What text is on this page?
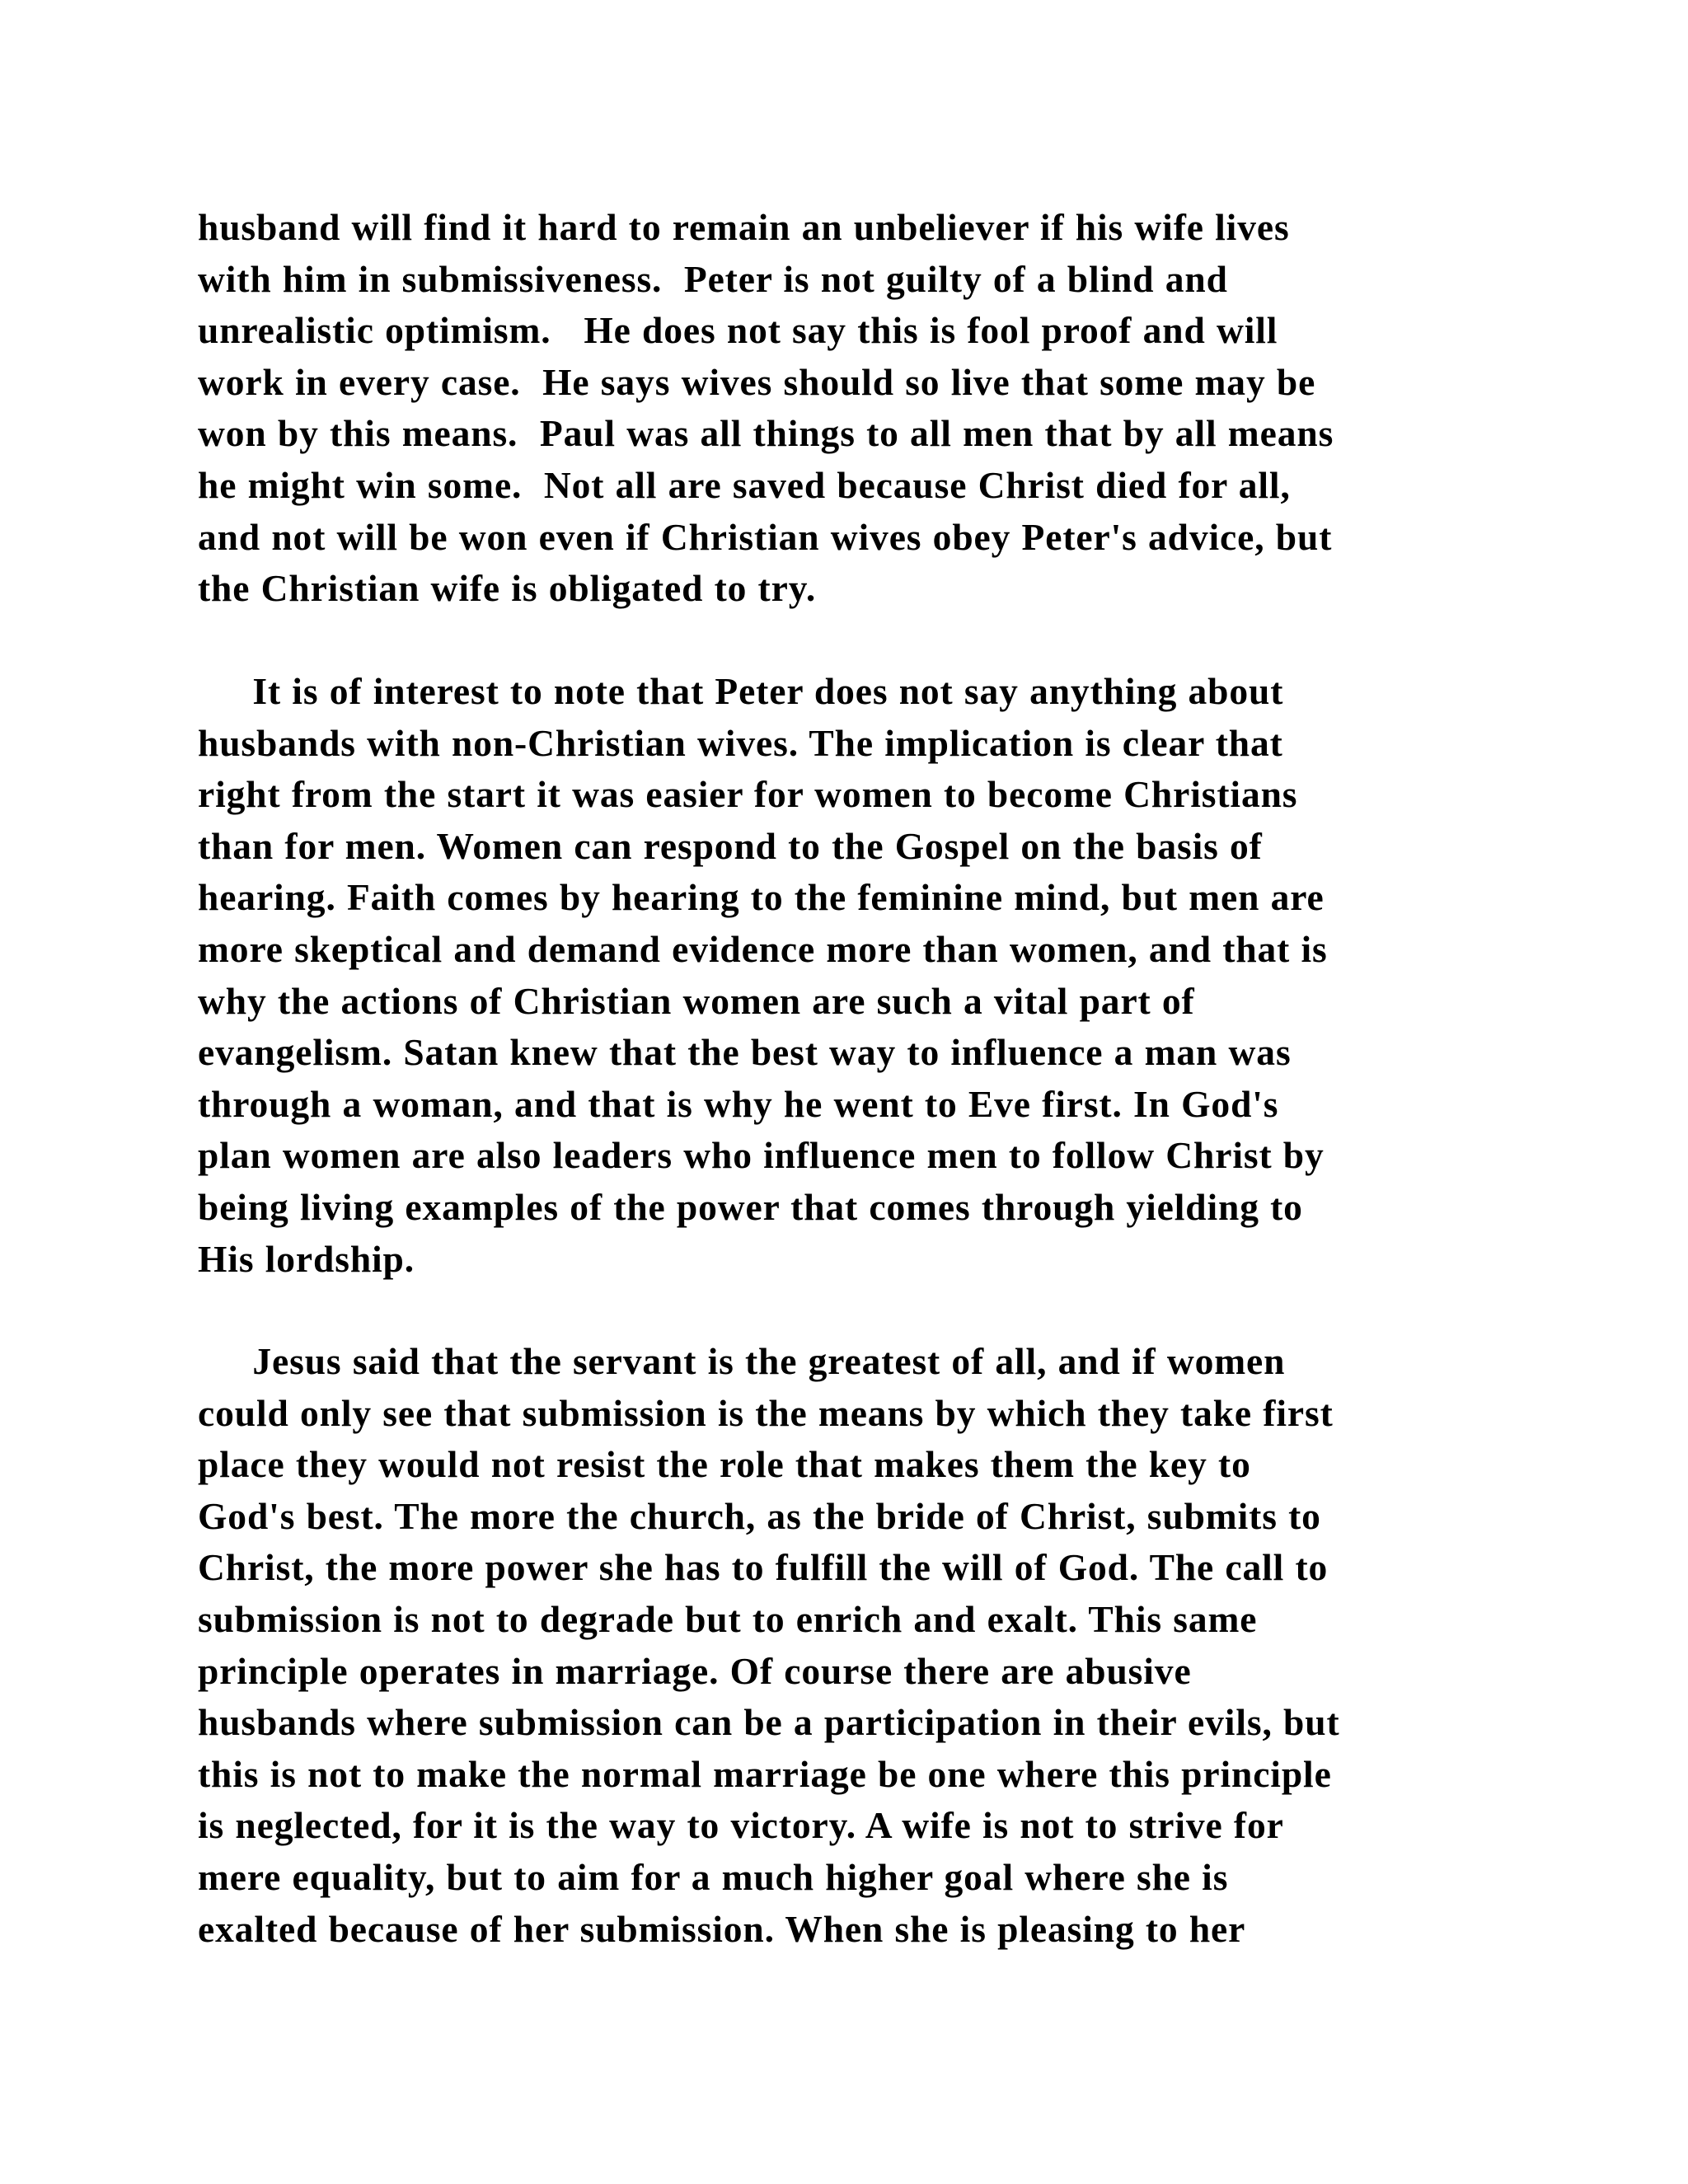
husband will find it hard to remain an unbeliever if his wife lives
with him in submissiveness.  Peter is not guilty of a blind and
unrealistic optimism.   He does not say this is fool proof and will
work in every case.  He says wives should so live that some may be
won by this means.  Paul was all things to all men that by all means
he might win some.  Not all are saved because Christ died for all,
and not will be won even if Christian wives obey Peter's advice, but
the Christian wife is obligated to try.
It is of interest to note that Peter does not say anything about
husbands with non-Christian wives. The implication is clear that
right from the start it was easier for women to become Christians
than for men. Women can respond to the Gospel on the basis of
hearing. Faith comes by hearing to the feminine mind, but men are
more skeptical and demand evidence more than women, and that is
why the actions of Christian women are such a vital part of
evangelism. Satan knew that the best way to influence a man was
through a woman, and that is why he went to Eve first. In God's
plan women are also leaders who influence men to follow Christ by
being living examples of the power that comes through yielding to
His lordship.
Jesus said that the servant is the greatest of all, and if women
could only see that submission is the means by which they take first
place they would not resist the role that makes them the key to
God's best. The more the church, as the bride of Christ, submits to
Christ, the more power she has to fulfill the will of God. The call to
submission is not to degrade but to enrich and exalt. This same
principle operates in marriage. Of course there are abusive
husbands where submission can be a participation in their evils, but
this is not to make the normal marriage be one where this principle
is neglected, for it is the way to victory. A wife is not to strive for
mere equality, but to aim for a much higher goal where she is
exalted because of her submission. When she is pleasing to her
